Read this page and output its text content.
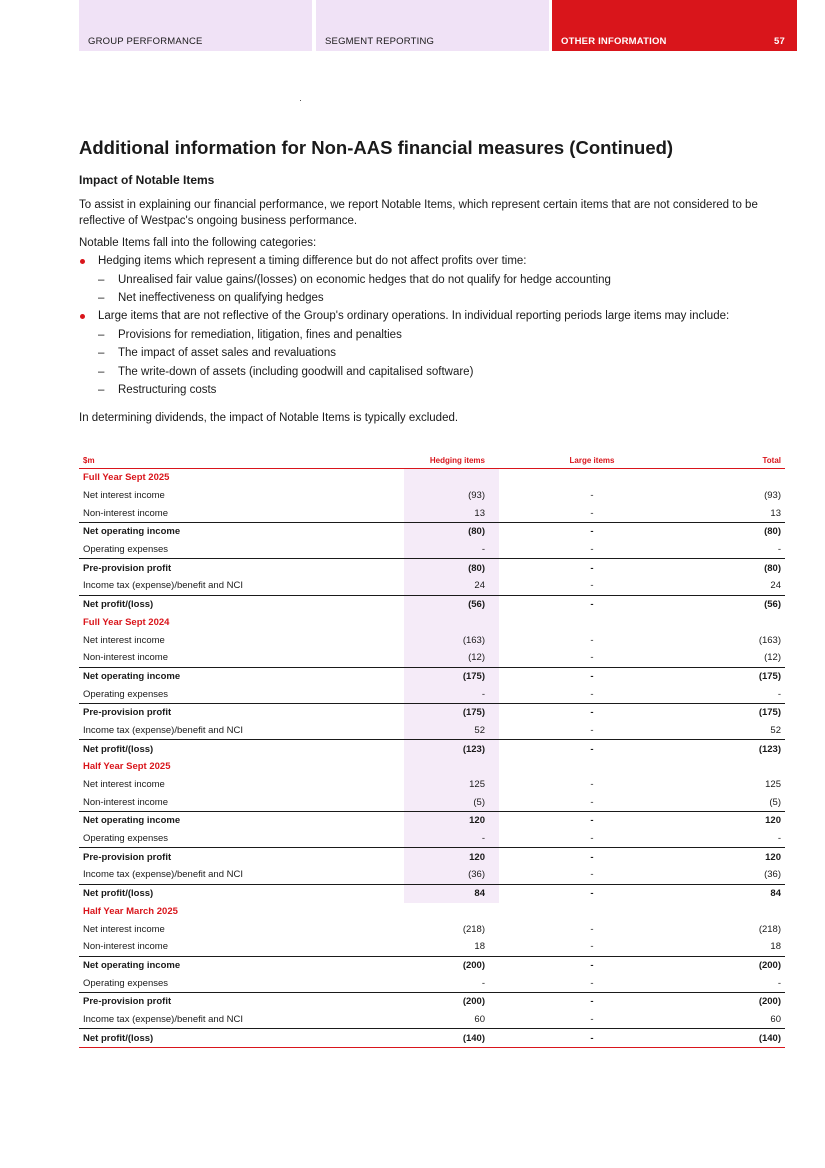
GROUP PERFORMANCE	SEGMENT REPORTING	OTHER INFORMATION	57
Additional information for Non-AAS financial measures (Continued)
Impact of Notable Items

To assist in explaining our financial performance, we report Notable Items, which represent certain items that are not considered to be reflective of Westpac's ongoing business performance.

Notable Items fall into the following categories:

Hedging items which represent a timing difference but do not affect profits over time:
– Unrealised fair value gains/(losses) on economic hedges that do not qualify for hedge accounting
– Net ineffectiveness on qualifying hedges
Large items that are not reflective of the Group's ordinary operations. In individual reporting periods large items may include:
– Provisions for remediation, litigation, fines and penalties
– The impact of asset sales and revaluations
– The write-down of assets (including goodwill and capitalised software)
– Restructuring costs

In determining dividends, the impact of Notable Items is typically excluded.

$m	Hedging items	Large items	Total
Full Year Sept 2025			
Net interest income	(93)	-	(93)
Non-interest income	13	-	13
Net operating income	(80)	-	(80)
Operating expenses	-	-	-
Pre-provision profit	(80)	-	(80)
Income tax (expense)/benefit and NCI	24	-	24
Net profit/(loss)	(56)	-	(56)
Full Year Sept 2024			
Net interest income	(163)	-	(163)
Non-interest income	(12)	-	(12)
Net operating income	(175)	-	(175)
Operating expenses	-	-	-
Pre-provision profit	(175)	-	(175)
Income tax (expense)/benefit and NCI	52	-	52
Net profit/(loss)	(123)	-	(123)
Half Year Sept 2025			
Net interest income	125	-	125
Non-interest income	(5)	-	(5)
Net operating income	120	-	120
Operating expenses	-	-	-
Pre-provision profit	120	-	120
Income tax (expense)/benefit and NCI	(36)	-	(36)
Net profit/(loss)	84	-	84
Half Year March 2025			
Net interest income	(218)	-	(218)
Non-interest income	18	-	18
Net operating income	(200)	-	(200)
Operating expenses	-	-	-
Pre-provision profit	(200)	-	(200)
Income tax (expense)/benefit and NCI	60	-	60
Net profit/(loss)	(140)	-	(140)
